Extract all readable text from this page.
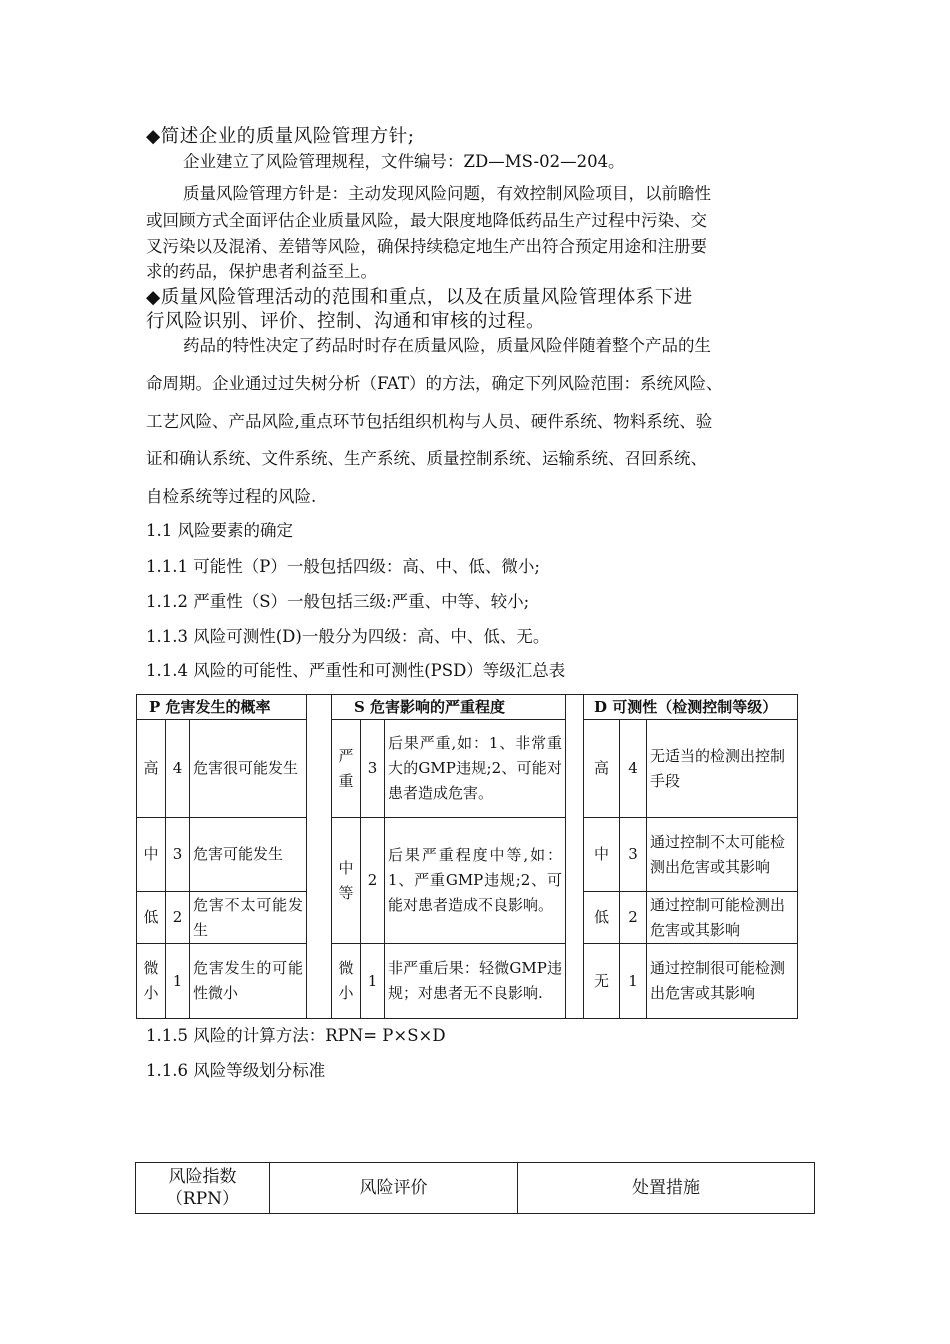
◆简述企业的质量风险管理方针;
企业建立了风险管理规程，文件编号：ZD—MS-02—204。
质量风险管理方针是：主动发现风险问题，有效控制风险项目，以前瞻性
或回顾方式全面评估企业质量风险，最大限度地降低药品生产过程中污染、交
叉污染以及混淆、差错等风险，确保持续稳定地生产出符合预定用途和注册要
求的药品，保护患者利益至上。
◆质量风险管理活动的范围和重点，以及在质量风险管理体系下进
行风险识别、评价、控制、沟通和审核的过程。
药品的特性决定了药品时时存在质量风险，质量风险伴随着整个产品的生
命周期。企业通过过失树分析（FAT）的方法，确定下列风险范围：系统风险、
工艺风险、产品风险,重点环节包括组织机构与人员、硬件系统、物料系统、验
证和确认系统、文件系统、生产系统、质量控制系统、运输系统、召回系统、
自检系统等过程的风险.
1.1 风险要素的确定
1.1.1 可能性（P）一般包括四级：高、中、低、微小;
1.1.2 严重性（S）一般包括三级:严重、中等、较小;
1.1.3 风险可测性(D)一般分为四级：高、中、低、无。
1.1.4 风险的可能性、严重性和可测性(PSD）等级汇总表
P 危害发生的概率				S 危害影响的严重程度				D 可测性（检测控制等级）		
高	4	危害很可能发生		严重	3	后果严重,如：1、非常重大的GMP违规;2、可能对患者造成危害。		高	4	无适当的检测出控制手段
中	3	危害可能发生		中等	2	后果严重程度中等,如：1、严重GMP违规;2、可能对患者造成不良影响。		中	3	通过控制不太可能检测出危害或其影响
低	2	危害不太可能发生						低	2	通过控制可能检测出危害或其影响
微小	1	危害发生的可能性微小		微小	1	非严重后果：轻微GMP违规；对患者无不良影响.		无	1	通过控制很可能检测出危害或其影响
1.1.5 风险的计算方法：RPN= P×S×D
1.1.6 风险等级划分标准
风险指数（RPN）	风险评价	处置措施
